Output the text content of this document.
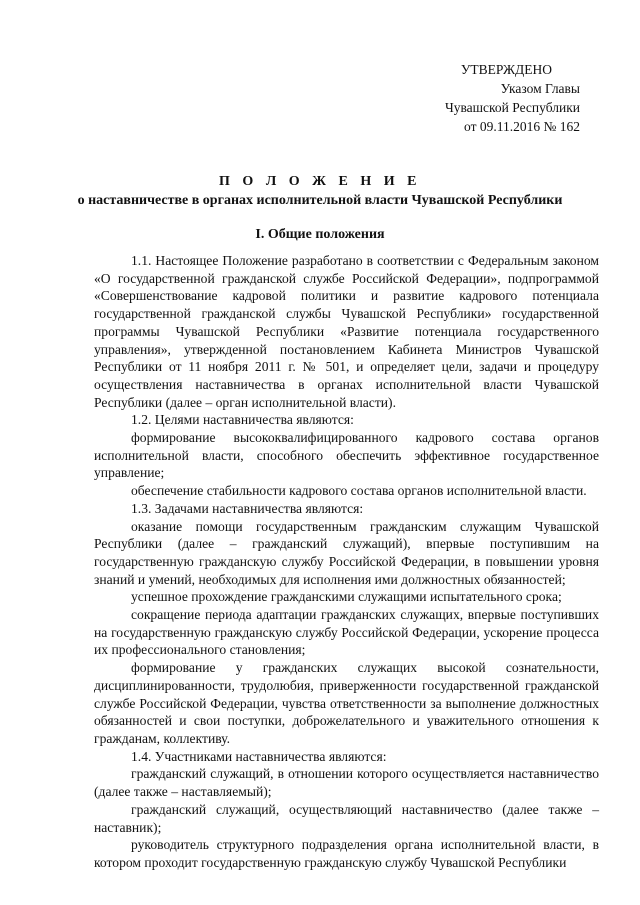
УТВЕРЖДЕНО
Указом Главы
Чувашской Республики
от 09.11.2016 № 162
П О Л О Ж Е Н И Е
о наставничестве в органах исполнительной власти Чувашской Республики
I. Общие положения

1.1. Настоящее Положение разработано в соответствии с Федеральным законом «О государственной гражданской службе Российской Федерации», подпрограммой «Совершенствование кадровой политики и развитие кадрового потенциала государственной гражданской службы Чувашской Республики» государственной программы Чувашской Республики «Развитие потенциала государственного управления», утвержденной постановлением Кабинета Министров Чувашской Республики от 11 ноября 2011 г. № 501, и определяет цели, задачи и процедуру осуществления наставничества в органах исполнительной власти Чувашской Республики (далее – орган исполнительной власти).

1.2. Целями наставничества являются:

формирование высококвалифицированного кадрового состава органов исполнительной власти, способного обеспечить эффективное государственное управление;

обеспечение стабильности кадрового состава органов исполнительной власти.

1.3. Задачами наставничества являются:

оказание помощи государственным гражданским служащим Чувашской Республики (далее – гражданский служащий), впервые поступившим на государственную гражданскую службу Российской Федерации, в повышении уровня знаний и умений, необходимых для исполнения ими должностных обязанностей;

успешное прохождение гражданскими служащими испытательного срока;

сокращение периода адаптации гражданских служащих, впервые поступивших на государственную гражданскую службу Российской Федерации, ускорение процесса их профессионального становления;

формирование у гражданских служащих высокой сознательности, дисциплинированности, трудолюбия, приверженности государственной гражданской службе Российской Федерации, чувства ответственности за выполнение должностных обязанностей и свои поступки, доброжелательного и уважительного отношения к гражданам, коллективу.

1.4. Участниками наставничества являются:

гражданский служащий, в отношении которого осуществляется наставничество (далее также – наставляемый);

гражданский служащий, осуществляющий наставничество (далее также – наставник);

руководитель структурного подразделения органа исполнительной власти, в котором проходит государственную гражданскую службу Чувашской Республики
